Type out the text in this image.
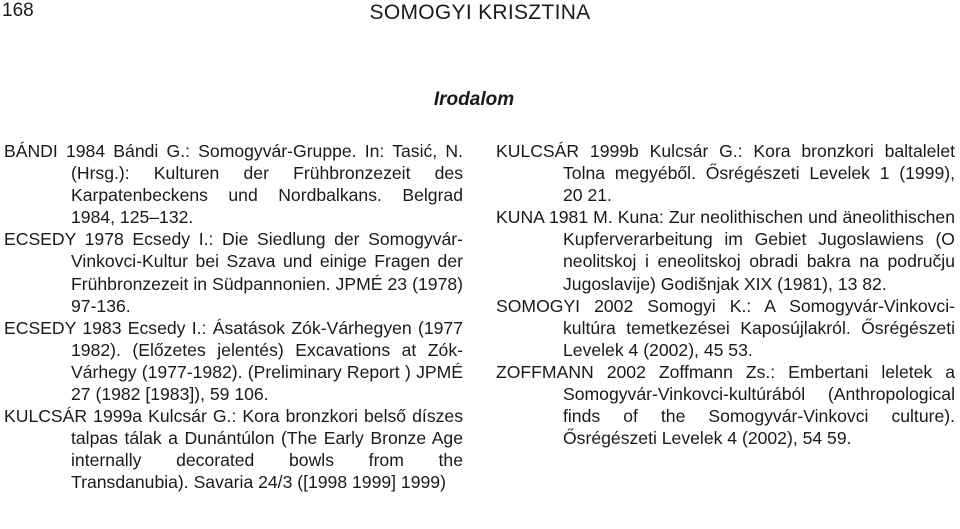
168	SOMOGYI KRISZTINA
Irodalom

BÁNDI 1984 Bándi G.: Somogyvár-Gruppe. In: Tasić, N. (Hrsg.): Kulturen der Frühbronzezeit des Karpatenbeckens und Nordbalkans. Belgrad 1984, 125–132.

ECSEDY 1978 Ecsedy I.: Die Siedlung der Somogyvár-Vinkovci-Kultur bei Szava und einige Fragen der Frühbronzezeit in Südpannonien. JPMÉ 23 (1978) 97-136.

ECSEDY 1983 Ecsedy I.: Ásatások Zók-Várhegyen (1977 1982). (Előzetes jelentés) Excavations at Zók-Várhegy (1977-1982). (Preliminary Report ) JPMÉ 27 (1982 [1983]), 59 106.

KULCSÁR 1999a Kulcsár G.: Kora bronzkori belső díszes talpas tálak a Dunántúlon (The Early Bronze Age internally decorated bowls from the Transdanubia). Savaria 24/3 ([1998 1999] 1999)

KULCSÁR 1999b Kulcsár G.: Kora bronzkori baltalelet Tolna megyéből. Ősrégészeti Levelek 1 (1999), 20 21.

KUNA 1981 M. Kuna: Zur neolithischen und äneolithischen Kupferverarbeitung im Gebiet Jugoslawiens (O neolitskoj i eneolitskoj obradi bakra na području Jugoslavije) Godišnjak XIX (1981), 13 82.

SOMOGYI 2002 Somogyi K.: A Somogyvár-Vinkovcikultúra temetkezései Kaposújlakról. Ősrégészeti Levelek 4 (2002), 45 53.

ZOFFMANN 2002 Zoffmann Zs.: Embertani leletek a Somogyvár-Vinkovci-kultúrából (Anthropological finds of the Somogyvár-Vinkovci culture). Ősrégészeti Levelek 4 (2002), 54 59.
